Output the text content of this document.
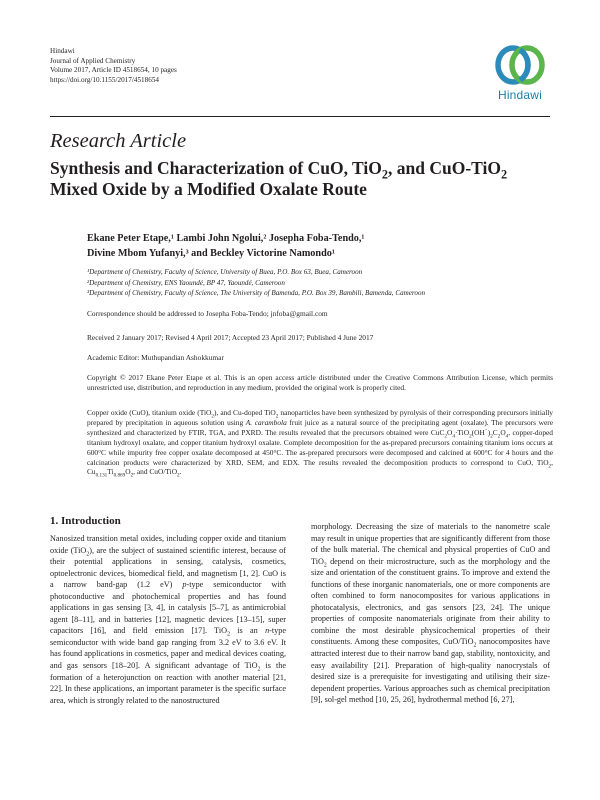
Hindawi
Journal of Applied Chemistry
Volume 2017, Article ID 4518654, 10 pages
https://doi.org/10.1155/2017/4518654
Hindawi
Research Article
Synthesis and Characterization of CuO, TiO$_2$, and CuO-TiO$_2$
Mixed Oxide by a Modified Oxalate Route
Ekane Peter Etape,¹ Lambi John Ngolui,² Josepha Foba-Tendo,¹
Divine Mbom Yufanyi,³ and Beckley Victorine Namondo¹
¹Department of Chemistry, Faculty of Science, University of Buea, P.O. Box 63, Buea, Cameroon
²Department of Chemistry, ENS Yaoundé, BP 47, Yaoundé, Cameroon
³Department of Chemistry, Faculty of Science, The University of Bamenda, P.O. Box 39, Bambili, Bamenda, Cameroon
Correspondence should be addressed to Josepha Foba-Tendo; jnfoba@gmail.com
Received 2 January 2017; Revised 4 April 2017; Accepted 23 April 2017; Published 4 June 2017
Academic Editor: Muthupandian Ashokkumar
Copyright © 2017 Ekane Peter Etape et al. This is an open access article distributed under the Creative Commons Attribution License, which permits unrestricted use, distribution, and reproduction in any medium, provided the original work is properly cited.
Copper oxide (CuO), titanium oxide (TiO$_2$), and Cu-doped TiO$_2$ nanoparticles have been synthesized by pyrolysis of their corresponding precursors initially prepared by precipitation in aqueous solution using A. carambola fruit juice as a natural source of the precipitating agent (oxalate). The precursors were synthesized and characterized by FTIR, TGA, and PXRD. The results revealed that the precursors obtained were $CuC_2O_4\cdot TiO_2(OH^-)_2C_2O_4$, copper-doped titanium hydroxyl oxalate, and copper titanium hydroxyl oxalate. Complete decomposition for the as-prepared precursors containing titanium ions occurs at 600°C while impurity free copper oxalate decomposed at 450°C. The as-prepared precursors were decomposed and calcined at 600°C for 4 hours and the calcination products were characterized by XRD, SEM, and EDX. The results revealed the decomposition products to correspond to CuO, TiO$_2$, $Cu_{0.131}Ti_{0.869}O_2$, and CuO/TiO$_2$.
1. Introduction

Nanosized transition metal oxides, including copper oxide and titanium oxide (TiO$_2$), are the subject of sustained scientific interest, because of their potential applications in sensing, catalysis, cosmetics, optoelectronic devices, biomedical field, and magnetism [1, 2]. CuO is a narrow band-gap (1.2 eV) p-type semiconductor with photoconductive and photochemical properties and has found applications in gas sensing [3, 4], in catalysis [5–7], as antimicrobial agent [8–11], and in batteries [12], magnetic devices [13–15], super capacitors [16], and field emission [17]. TiO$_2$ is an n-type semiconductor with wide band gap ranging from 3.2 eV to 3.6 eV. It has found applications in cosmetics, paper and medical devices coating, and gas sensors [18–20]. A significant advantage of TiO$_2$ is the formation of a heterojunction on reaction with another material [21, 22]. In these applications, an important parameter is the specific surface area, which is strongly related to the nanostructured

morphology. Decreasing the size of materials to the nanometre scale may result in unique properties that are significantly different from those of the bulk material. The chemical and physical properties of CuO and TiO$_2$ depend on their microstructure, such as the morphology and the size and orientation of the constituent grains. To improve and extend the functions of these inorganic nanomaterials, one or more components are often combined to form nanocomposites for various applications in photocatalysis, electronics, and gas sensors [23, 24]. The unique properties of composite nanomaterials originate from their ability to combine the most desirable physicochemical properties of their constituents. Among these composites, CuO/TiO$_2$ nanocomposites have attracted interest due to their narrow band gap, stability, nontoxicity, and easy availability [21]. Preparation of high-quality nanocrystals of desired size is a prerequisite for investigating and utilising their size-dependent properties. Various approaches such as chemical precipitation [9], sol-gel method [10, 25, 26], hydrothermal method [6, 27],
